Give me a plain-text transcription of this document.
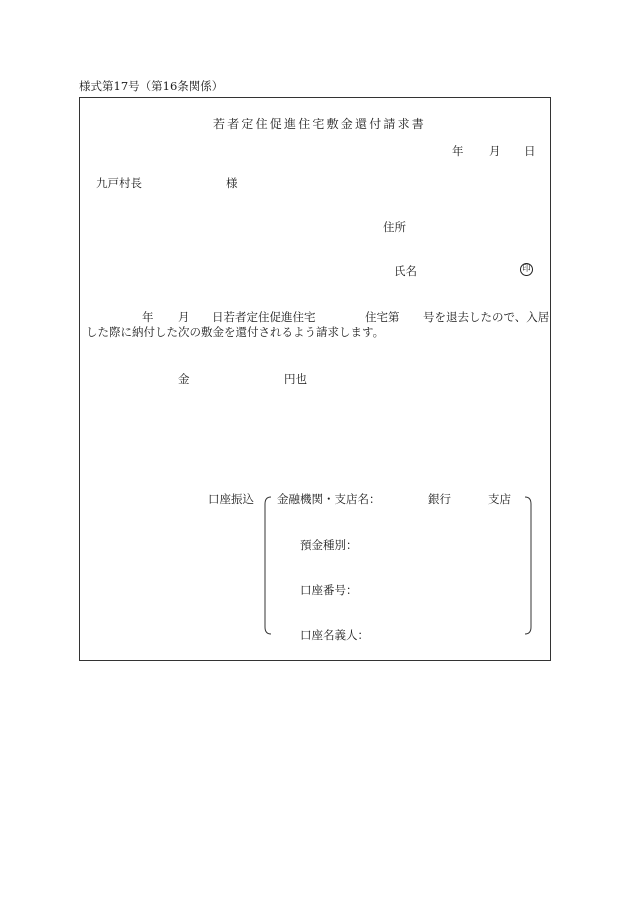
様式第17号（第16条関係）
若者定住促進住宅敷金還付請求書
年 月 日
九戸村長	様
住所
氏名	印
年 月 日若者定住促進住宅	住宅第 号を退去したので、入居
した際に納付した次の敷金を還付されるよう請求します。
金	円也
口座振込 金融機関・支店名：	銀行	支店
預金種別：
口座番号：
口座名義人：
